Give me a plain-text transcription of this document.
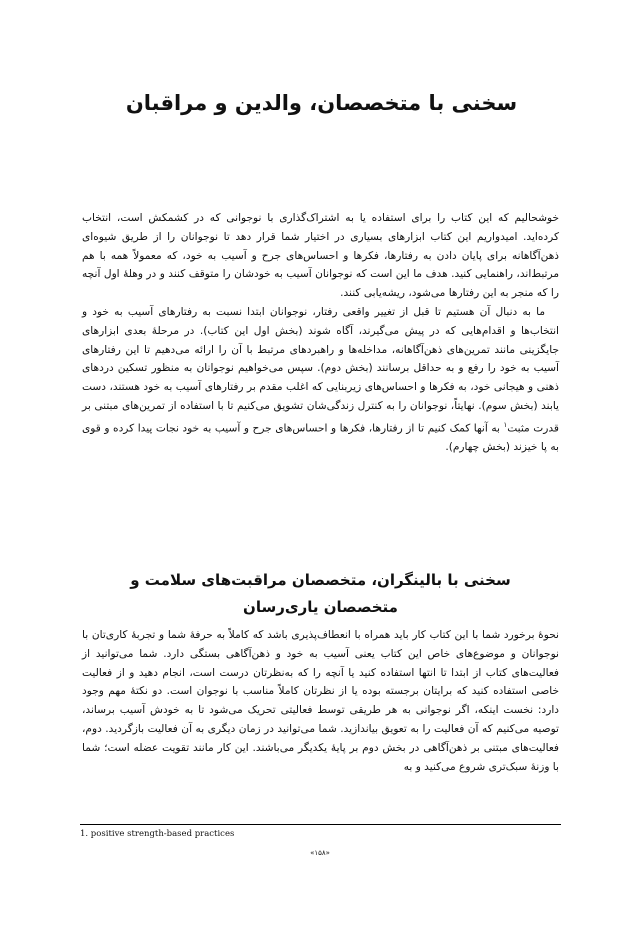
سخنی با متخصصان، والدین و مراقبان

خوشحالیم که این کتاب را برای استفاده یا به اشتراک‌گذاری با نوجوانی که در کشمکش است، انتخاب کرده‌اید. امیدواریم این کتاب ابزارهای بسیاری در اختیار شما قرار دهد تا نوجوانان را از طریق شیوه‌ای ذهن‌آگاهانه برای پایان دادن به رفتارها، فکرها و احساس‌های جرح و آسیب به خود، که معمولاً همه با هم مرتبط‌اند، راهنمایی کنید. هدف ما این است که نوجوانان آسیب به خودشان را متوقف کنند و در وهلهٔ اول آنچه را که منجر به این رفتارها می‌شود، ریشه‌یابی کنند.

ما به دنبال آن هستیم تا قبل از تغییر واقعی رفتار، نوجوانان ابتدا نسبت به رفتارهای آسیب به خود و انتخاب‌ها و اقدام‌هایی که در پیش می‌گیرند، آگاه شوند (بخش اول این کتاب). در مرحلهٔ بعدی ابزارهای جایگزینی مانند تمرین‌های ذهن‌آگاهانه، مداخله‌ها و راهبردهای مرتبط با آن را ارائه می‌دهیم تا این رفتارهای آسیب به خود را رفع و به حداقل برسانند (بخش دوم). سپس می‌خواهیم نوجوانان به منظور تسکین دردهای ذهنی و هیجانی خود، به فکرها و احساس‌های زیربنایی که اغلب مقدم بر رفتارهای آسیب به خود هستند، دست یابند (بخش سوم). نهایتاً، نوجوانان را به کنترل زندگی‌شان تشویق می‌کنیم تا با استفاده از تمرین‌های مبتنی بر قدرت مثبت$^۱$ به آنها کمک کنیم تا از رفتارها، فکرها و احساس‌های جرح و آسیب به خود نجات پیدا کرده و قوی به پا خیزند (بخش چهارم).

سخنی با بالینگران، متخصصان مراقبت‌های سلامت و
متخصصان یاری‌رسان

نحوهٔ برخورد شما با این کتاب کار باید همراه با انعطاف‌پذیری باشد که کاملاً به حرفهٔ شما و تجربهٔ کاری‌تان با نوجوانان و موضوع‌های خاص این کتاب یعنی آسیب به خود و ذهن‌آگاهی بستگی دارد. شما می‌توانید از فعالیت‌های کتاب از ابتدا تا انتها استفاده کنید یا آنچه را که به‌نظرتان درست است، انجام دهید و از فعالیت خاصی استفاده کنید که برایتان برجسته بوده یا از نظرتان کاملاً مناسب با نوجوان است. دو نکتهٔ مهم وجود دارد: نخست اینکه، اگر نوجوانی به هر طریقی توسط فعالیتی تحریک می‌شود تا به خودش آسیب برساند، توصیه می‌کنیم که آن فعالیت را به تعویق بیاندازید. شما می‌توانید در زمان دیگری به آن فعالیت بازگردید. دوم، فعالیت‌های مبتنی بر ذهن‌آگاهی در بخش دوم بر پایهٔ یکدیگر می‌باشند. این کار مانند تقویت عضله است؛ شما با وزنهٔ سبک‌تری شروع می‌کنید و به

1. positive strength-based practices
«۱۵۸»
